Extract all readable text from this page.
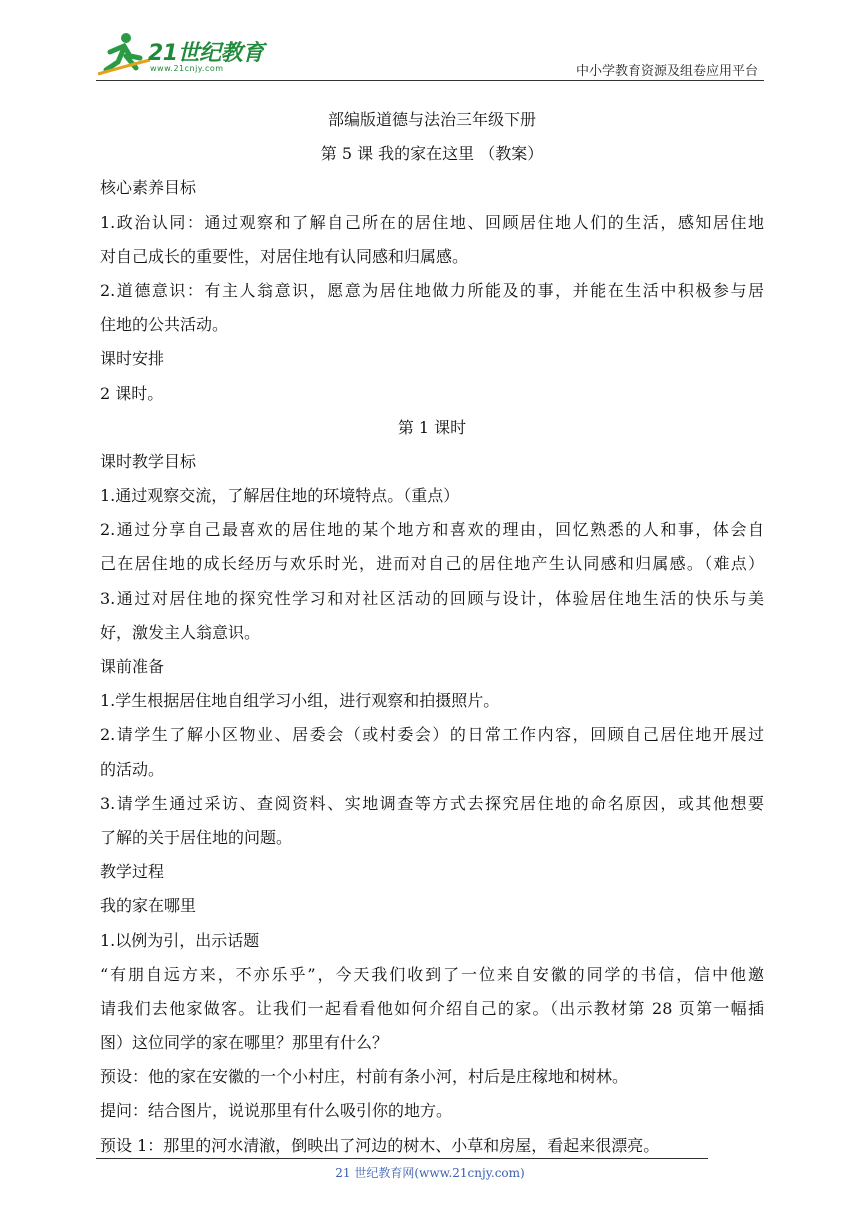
21世纪教育
www.21cnjy.com	中小学教育资源及组卷应用平台
部编版道德与法治三年级下册
第 5 课 我的家在这里 （教案）
核心素养目标
1.政治认同：通过观察和了解自己所在的居住地、回顾居住地人们的生活，感知居住地
对自己成长的重要性，对居住地有认同感和归属感。
2.道德意识：有主人翁意识，愿意为居住地做力所能及的事，并能在生活中积极参与居
住地的公共活动。
课时安排
2 课时。
第 1 课时
课时教学目标
1.通过观察交流，了解居住地的环境特点。（重点）
2.通过分享自己最喜欢的居住地的某个地方和喜欢的理由，回忆熟悉的人和事，体会自
己在居住地的成长经历与欢乐时光，进而对自己的居住地产生认同感和归属感。（难点）
3.通过对居住地的探究性学习和对社区活动的回顾与设计，体验居住地生活的快乐与美
好，激发主人翁意识。
课前准备
1.学生根据居住地自组学习小组，进行观察和拍摄照片。
2.请学生了解小区物业、居委会（或村委会）的日常工作内容，回顾自己居住地开展过
的活动。
3.请学生通过采访、查阅资料、实地调查等方式去探究居住地的命名原因，或其他想要
了解的关于居住地的问题。
教学过程
我的家在哪里
1.以例为引，出示话题
“有朋自远方来，不亦乐乎”，今天我们收到了一位来自安徽的同学的书信，信中他邀
请我们去他家做客。让我们一起看看他如何介绍自己的家。（出示教材第 28 页第一幅插
图）这位同学的家在哪里？那里有什么？
预设：他的家在安徽的一个小村庄，村前有条小河，村后是庄稼地和树林。
提问：结合图片，说说那里有什么吸引你的地方。
预设 1：那里的河水清澈，倒映出了河边的树木、小草和房屋，看起来很漂亮。
21 世纪教育网(www.21cnjy.com)
